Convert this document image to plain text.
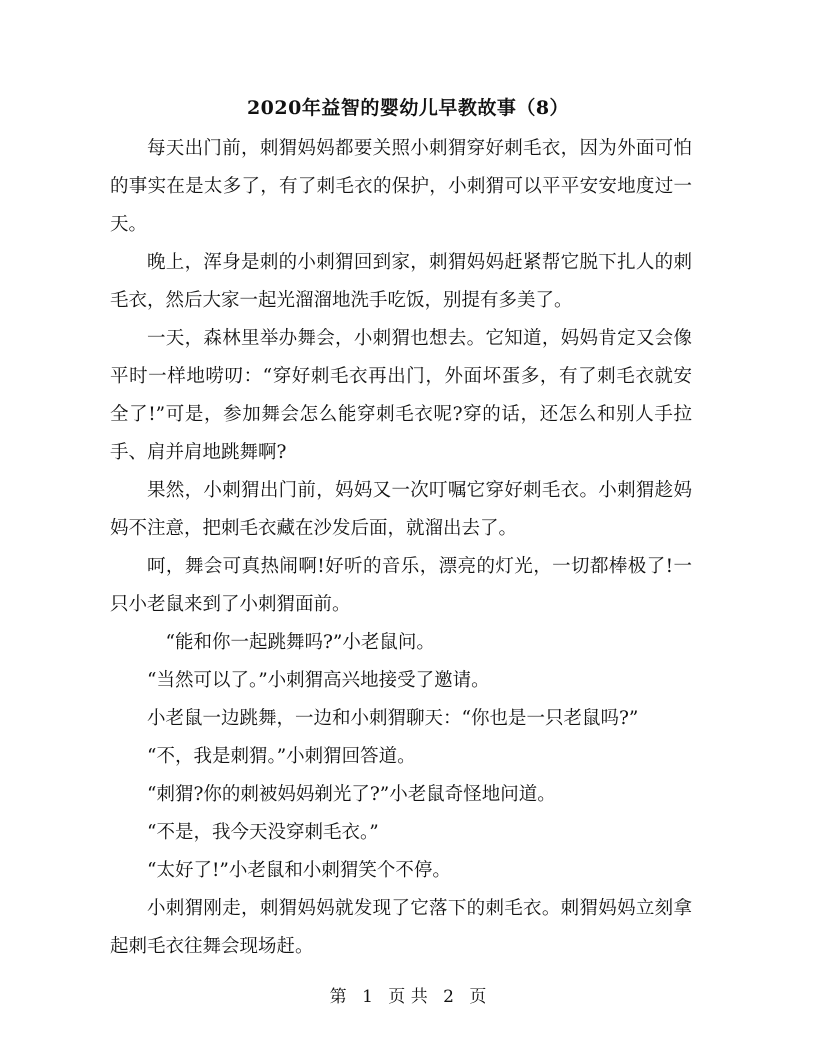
2020年益智的婴幼儿早教故事（8）

每天出门前，刺猬妈妈都要关照小刺猬穿好刺毛衣，因为外面可怕的事实在是太多了，有了刺毛衣的保护，小刺猬可以平平安安地度过一天。

晚上，浑身是刺的小刺猬回到家，刺猬妈妈赶紧帮它脱下扎人的刺毛衣，然后大家一起光溜溜地洗手吃饭，别提有多美了。

一天，森林里举办舞会，小刺猬也想去。它知道，妈妈肯定又会像平时一样地唠叨：“穿好刺毛衣再出门，外面坏蛋多，有了刺毛衣就安全了!”可是，参加舞会怎么能穿刺毛衣呢?穿的话，还怎么和别人手拉手、肩并肩地跳舞啊?

果然，小刺猬出门前，妈妈又一次叮嘱它穿好刺毛衣。小刺猬趁妈妈不注意，把刺毛衣藏在沙发后面，就溜出去了。

呵，舞会可真热闹啊!好听的音乐，漂亮的灯光，一切都棒极了!一只小老鼠来到了小刺猬面前。

“能和你一起跳舞吗?”小老鼠问。

“当然可以了。”小刺猬高兴地接受了邀请。

小老鼠一边跳舞，一边和小刺猬聊天：“你也是一只老鼠吗?”

“不，我是刺猬。”小刺猬回答道。

“刺猬?你的刺被妈妈剃光了?”小老鼠奇怪地问道。

“不是，我今天没穿刺毛衣。”

“太好了!”小老鼠和小刺猬笑个不停。

小刺猬刚走，刺猬妈妈就发现了它落下的刺毛衣。刺猬妈妈立刻拿起刺毛衣往舞会现场赶。

第 1 页 共 2 页
